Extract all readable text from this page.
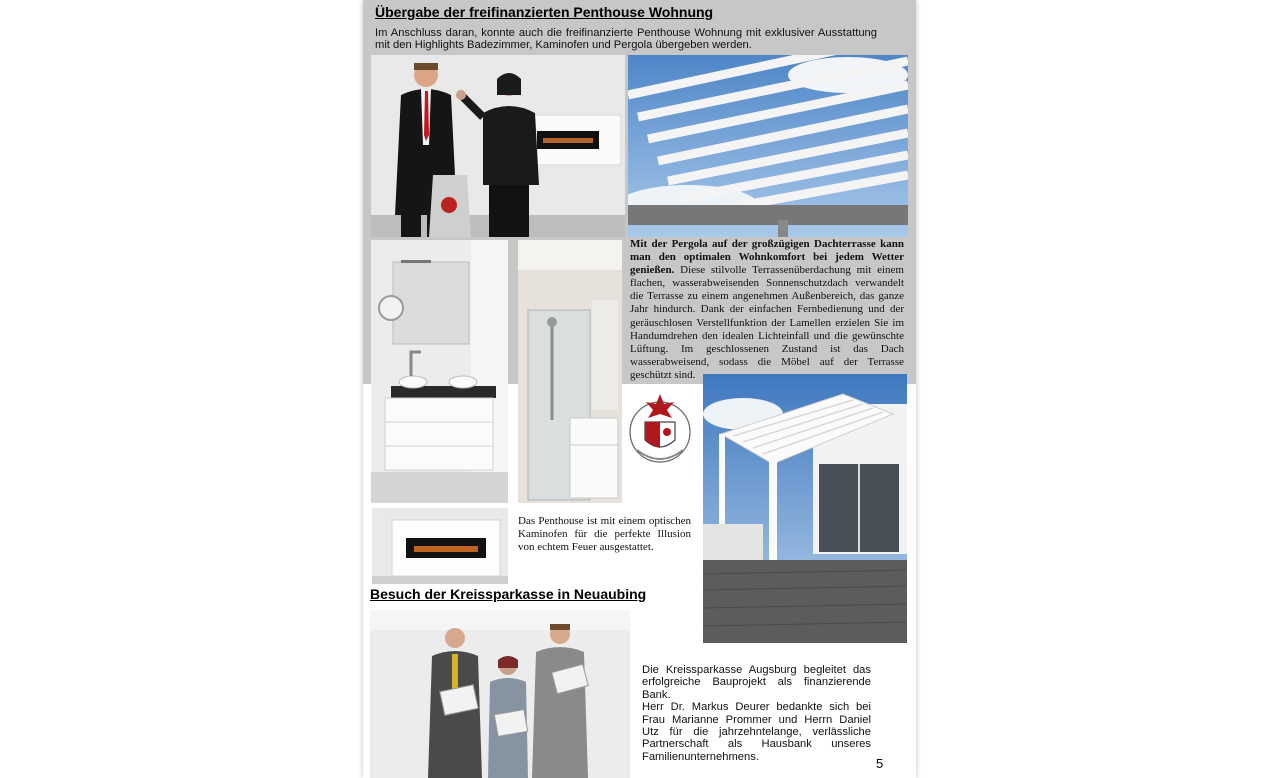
Übergabe der freifinanzierten Penthouse Wohnung
Im Anschluss daran, konnte auch die freifinanzierte Penthouse Wohnung mit exklusiver Ausstattung mit den Highlights Badezimmer, Kaminofen und Pergola übergeben werden.
Mit der Pergola auf der großzügigen Dachterrasse kann man den optimalen Wohnkomfort bei jedem Wetter genießen. Diese stilvolle Terrassenüberdachung mit einem flachen, wasserabweisenden Sonnenschutzdach verwandelt die Terrasse zu einem angenehmen Außenbereich, das ganze Jahr hindurch. Dank der einfachen Fernbedienung und der geräuschlosen Verstellfunktion der Lamellen erzielen Sie im Handumdrehen den idealen Lichteinfall und die gewünschte Lüftung. Im geschlossenen Zustand ist das Dach wasserabweisend, sodass die Möbel auf der Terrasse geschützt sind.
Das Penthouse ist mit einem optischen Kaminofen für die perfekte Illusion von echtem Feuer ausgestattet.
Besuch der Kreissparkasse in Neuaubing
Die Kreissparkasse Augsburg begleitet das erfolgreiche Bauprojekt als finanzierende Bank.
Herr Dr. Markus Deurer bedankte sich bei Frau Marianne Prommer und Herrn Daniel Utz für die jahrzehntelange, verlässliche Partnerschaft als Hausbank unseres Familienunternehmens.	5
